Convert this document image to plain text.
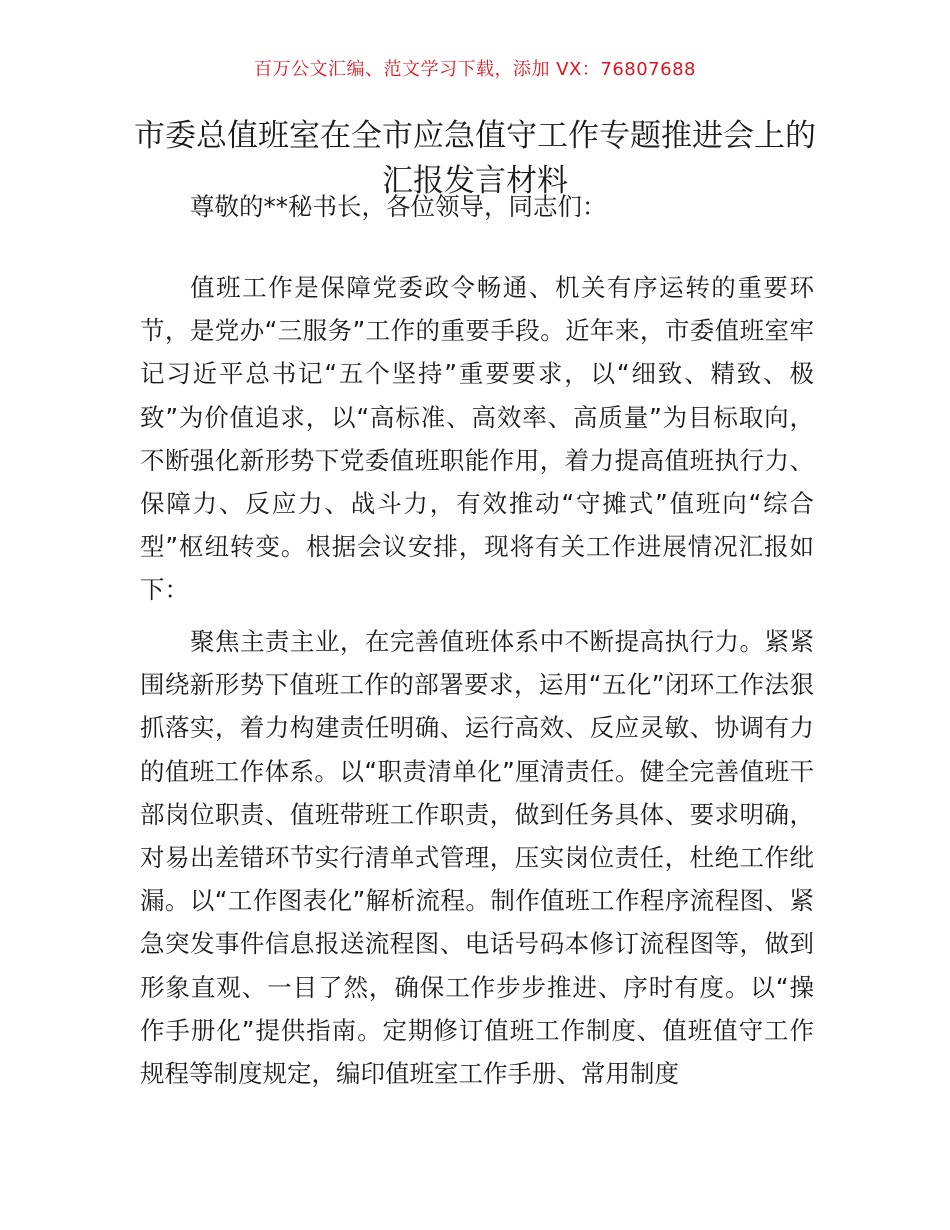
百万公文汇编、范文学习下载，添加 VX：76807688
市委总值班室在全市应急值守工作专题推进会上的汇报发言材料

尊敬的**秘书长，各位领导，同志们：

值班工作是保障党委政令畅通、机关有序运转的重要环节，是党办“三服务”工作的重要手段。近年来，市委值班室牢记习近平总书记“五个坚持”重要要求，以“细致、精致、极致”为价值追求，以“高标准、高效率、高质量”为目标取向，不断强化新形势下党委值班职能作用，着力提高值班执行力、保障力、反应力、战斗力，有效推动“守摊式”值班向“综合型”枢纽转变。根据会议安排，现将有关工作进展情况汇报如下：

聚焦主责主业，在完善值班体系中不断提高执行力。紧紧围绕新形势下值班工作的部署要求，运用“五化”闭环工作法狠抓落实，着力构建责任明确、运行高效、反应灵敏、协调有力的值班工作体系。以“职责清单化”厘清责任。健全完善值班干部岗位职责、值班带班工作职责，做到任务具体、要求明确，对易出差错环节实行清单式管理，压实岗位责任，杜绝工作纰漏。以“工作图表化”解析流程。制作值班工作程序流程图、紧急突发事件信息报送流程图、电话号码本修订流程图等，做到形象直观、一目了然，确保工作步步推进、序时有度。以“操作手册化”提供指南。定期修订值班工作制度、值班值守工作规程等制度规定，编印值班室工作手册、常用制度
